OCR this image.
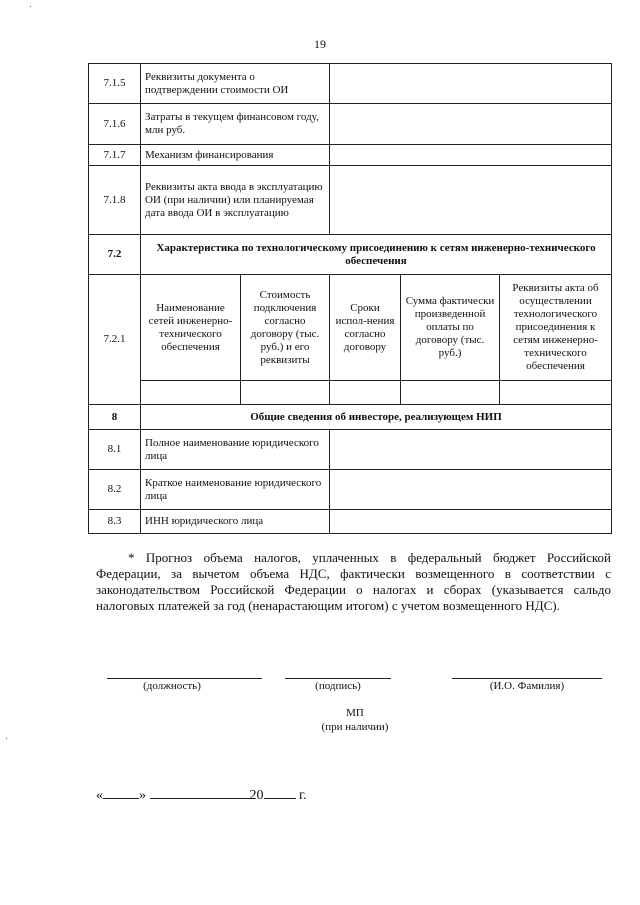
19
7.1.5	Реквизиты документа о подтверждении стоимости ОИ				
7.1.6	Затраты в текущем финансовом году, млн руб.				
7.1.7	Механизм финансирования				
7.1.8	Реквизиты акта ввода в эксплуатацию ОИ (при наличии) или планируемая дата ввода ОИ в эксплуатацию				
7.2	Характеристика по технологическому присоединению к сетям инженерно-технического обеспечения				
7.2.1	Наименование сетей инженерно-технического обеспечения	Стоимость подключения согласно договору (тыс. руб.) и его реквизиты	Сроки испол-нения согласно договору	Сумма фактически произведенной оплаты по договору (тыс. руб.)	Реквизиты акта об осуществлении технологического присоединения к сетям инженерно-технического обеспечения

8	Общие сведения об инвесторе, реализующем НИП				
8.1	Полное наименование юридического лица				
8.2	Краткое наименование юридического лица				
8.3	ИНН юридического лица				
* Прогноз объема налогов, уплаченных в федеральный бюджет Российской Федерации, за вычетом объема НДС, фактически возмещенного в соответствии с законодательством Российской Федерации о налогах и сборах (указывается сальдо налоговых платежей за год (ненарастающим итогом) с учетом возмещенного НДС).
(должность)	(подпись)	(И.О. Фамилия)
МП
(при наличии)
«	»	20	г.
